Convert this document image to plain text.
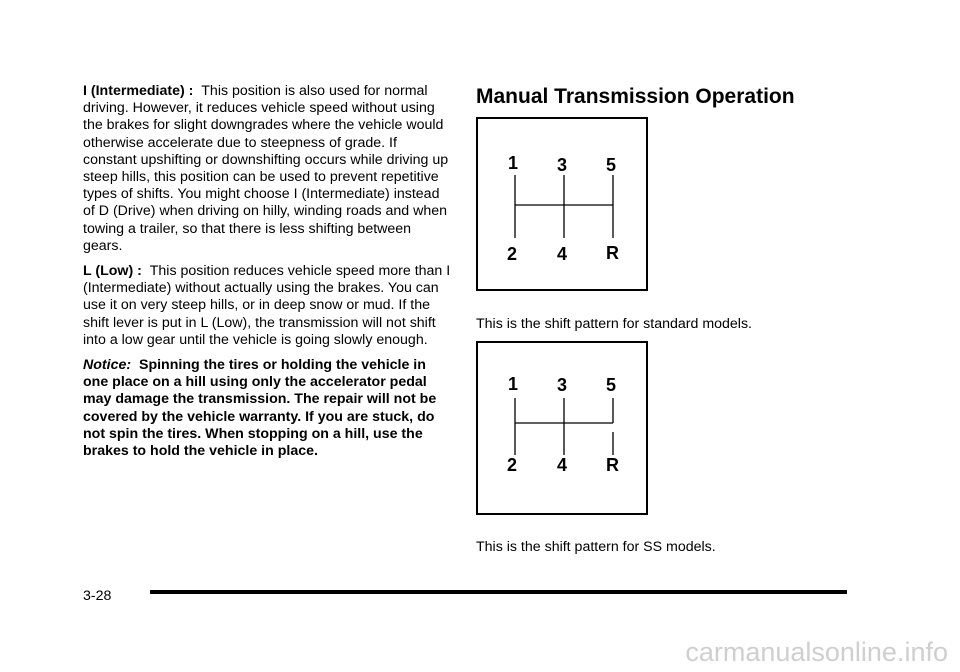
I (Intermediate) : This position is also used for normal driving. However, it reduces vehicle speed without using the brakes for slight downgrades where the vehicle would otherwise accelerate due to steepness of grade. If constant upshifting or downshifting occurs while driving up steep hills, this position can be used to prevent repetitive types of shifts. You might choose I (Intermediate) instead of D (Drive) when driving on hilly, winding roads and when towing a trailer, so that there is less shifting between gears.

L (Low) : This position reduces vehicle speed more than I (Intermediate) without actually using the brakes. You can use it on very steep hills, or in deep snow or mud. If the shift lever is put in L (Low), the transmission will not shift into a low gear until the vehicle is going slowly enough.

Notice: Spinning the tires or holding the vehicle in one place on a hill using only the accelerator pedal may damage the transmission. The repair will not be covered by the vehicle warranty. If you are stuck, do not spin the tires. When stopping on a hill, use the brakes to hold the vehicle in place.

Manual Transmission Operation
1 3 5
2 4 R
This is the shift pattern for standard models.
1 3 5
2 4 R
This is the shift pattern for SS models.
3-28
carmanualsonline.info
